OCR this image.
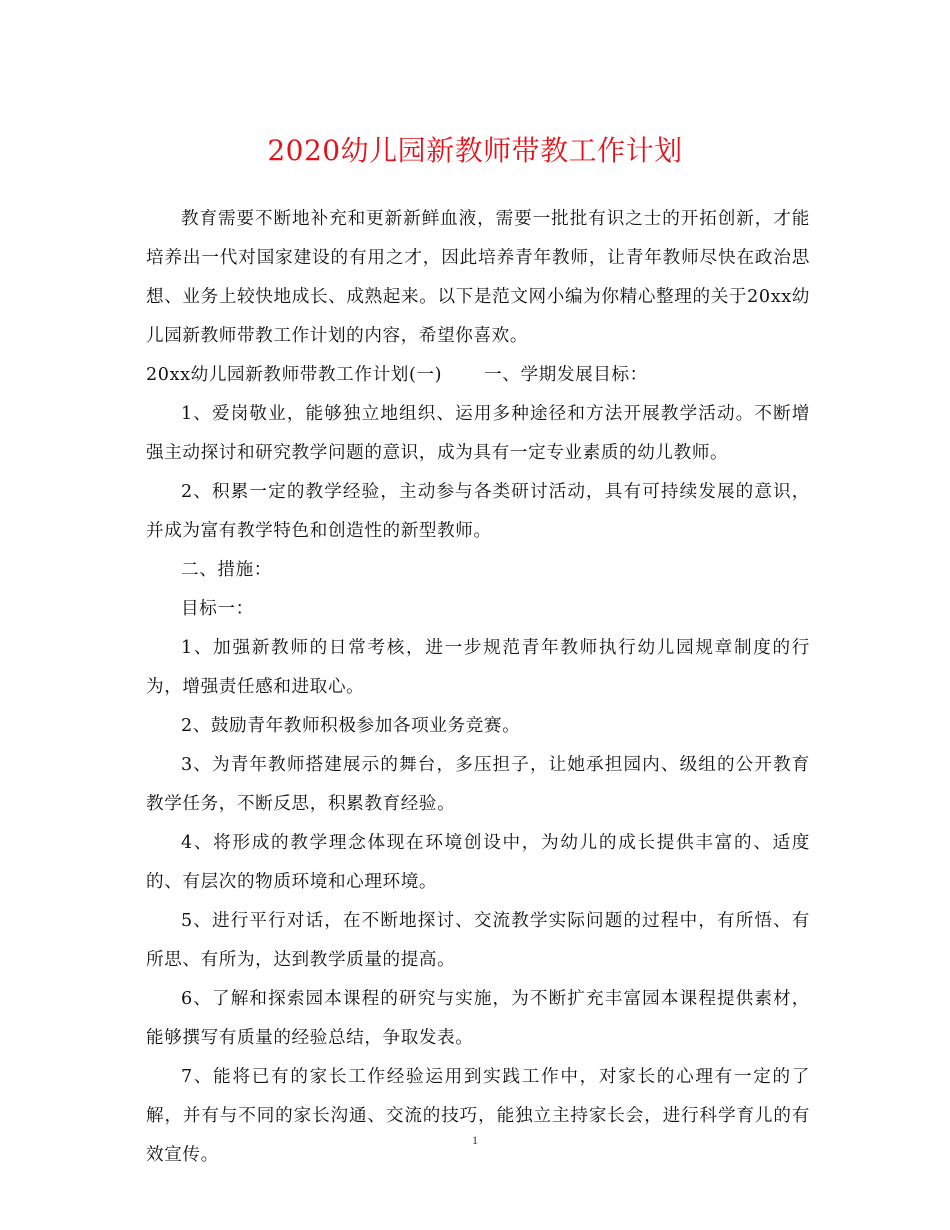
2020幼儿园新教师带教工作计划

教育需要不断地补充和更新新鲜血液，需要一批批有识之士的开拓创新，才能培养出一代对国家建设的有用之才，因此培养青年教师，让青年教师尽快在政治思想、业务上较快地成长、成熟起来。以下是范文网小编为你精心整理的关于20xx幼儿园新教师带教工作计划的内容，希望你喜欢。

20xx幼儿园新教师带教工作计划(一) 一、学期发展目标：

1、爱岗敬业，能够独立地组织、运用多种途径和方法开展教学活动。不断增强主动探讨和研究教学问题的意识，成为具有一定专业素质的幼儿教师。

2、积累一定的教学经验，主动参与各类研讨活动，具有可持续发展的意识，并成为富有教学特色和创造性的新型教师。

二、措施：

目标一：

1、加强新教师的日常考核，进一步规范青年教师执行幼儿园规章制度的行为，增强责任感和进取心。

2、鼓励青年教师积极参加各项业务竞赛。

3、为青年教师搭建展示的舞台，多压担子，让她承担园内、级组的公开教育教学任务，不断反思，积累教育经验。

4、将形成的教学理念体现在环境创设中，为幼儿的成长提供丰富的、适度的、有层次的物质环境和心理环境。

5、进行平行对话，在不断地探讨、交流教学实际问题的过程中，有所悟、有所思、有所为，达到教学质量的提高。

6、了解和探索园本课程的研究与实施，为不断扩充丰富园本课程提供素材，能够撰写有质量的经验总结，争取发表。

7、能将已有的家长工作经验运用到实践工作中，对家长的心理有一定的了解，并有与不同的家长沟通、交流的技巧，能独立主持家长会，进行科学育儿的有效宣传。

1
